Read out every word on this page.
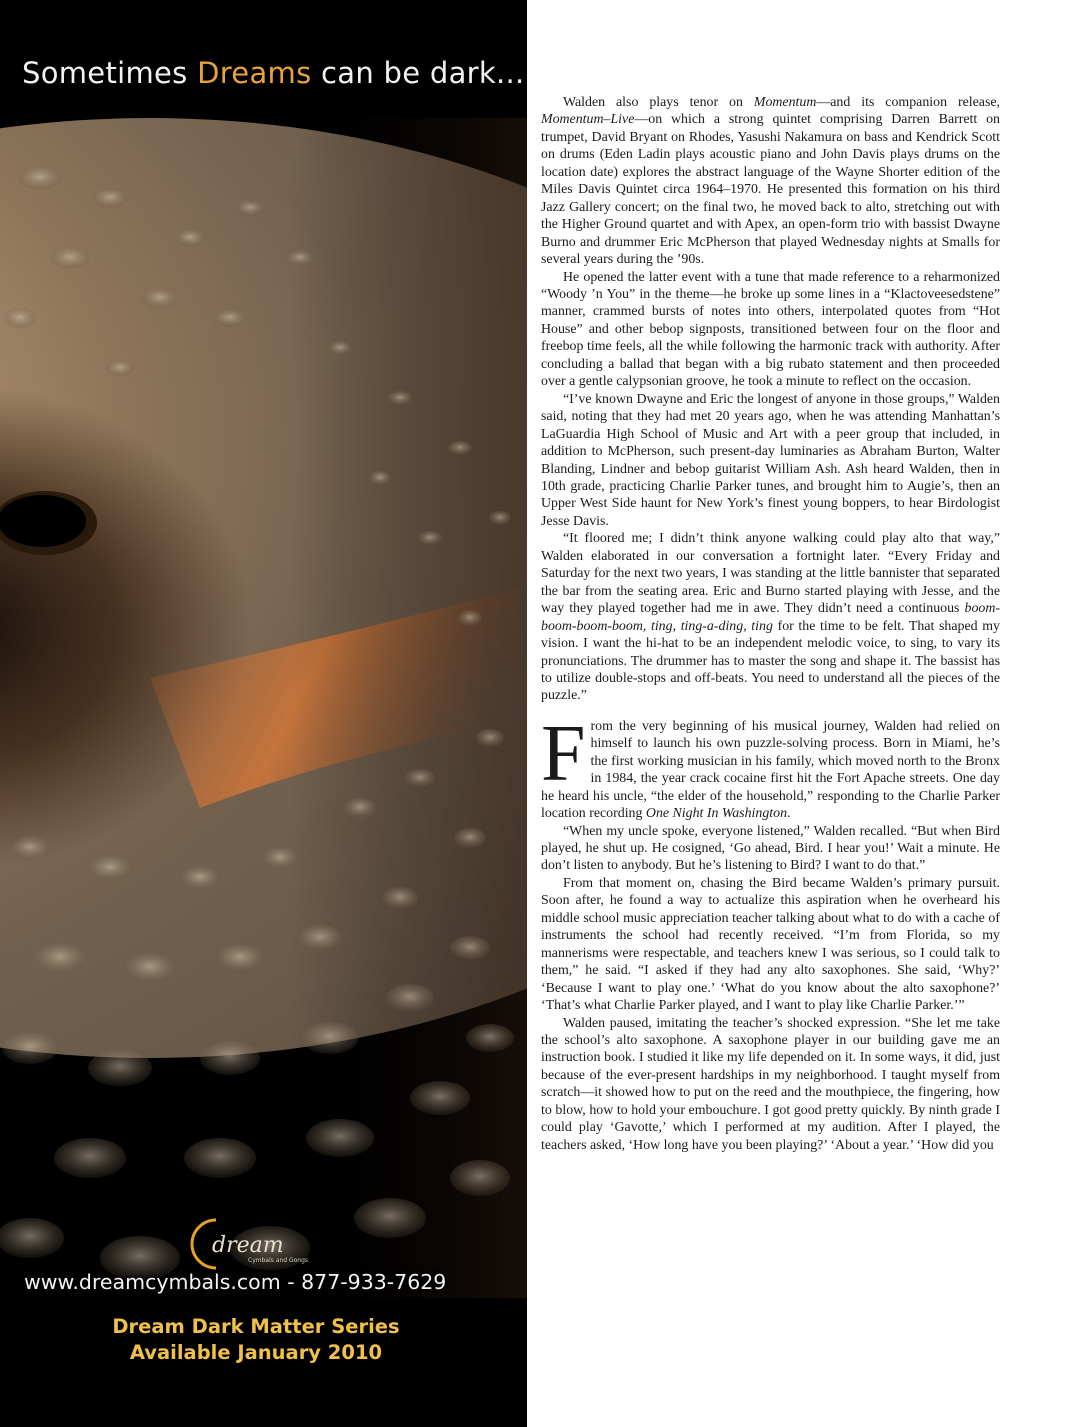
Sometimes Dreams can be dark...
dream

Cymbals and Gongs

www.dreamcymbals.com - 877-933-7629

Dream Dark Matter Series
Available January 2010

Walden also plays tenor on Momentum—and its companion release, Momentum–Live—on which a strong quintet comprising Darren Barrett on trumpet, David Bryant on Rhodes, Yasushi Nakamura on bass and Kendrick Scott on drums (Eden Ladin plays acoustic piano and John Davis plays drums on the location date) explores the abstract language of the Wayne Shorter edition of the Miles Davis Quintet circa 1964–1970. He presented this formation on his third Jazz Gallery concert; on the final two, he moved back to alto, stretching out with the Higher Ground quartet and with Apex, an open-form trio with bassist Dwayne Burno and drummer Eric McPherson that played Wednesday nights at Smalls for several years during the ’90s.

He opened the latter event with a tune that made reference to a reharmonized “Woody ’n You” in the theme—he broke up some lines in a “Klactoveesedstene” manner, crammed bursts of notes into others, interpolated quotes from “Hot House” and other bebop signposts, transitioned between four on the floor and freebop time feels, all the while following the harmonic track with authority. After concluding a ballad that began with a big rubato statement and then proceeded over a gentle calypsonian groove, he took a minute to reflect on the occasion.

“I’ve known Dwayne and Eric the longest of anyone in those groups,” Walden said, noting that they had met 20 years ago, when he was attending Manhattan’s LaGuardia High School of Music and Art with a peer group that included, in addition to McPherson, such present-day luminaries as Abraham Burton, Walter Blanding, Lindner and bebop guitarist William Ash. Ash heard Walden, then in 10th grade, practicing Charlie Parker tunes, and brought him to Augie’s, then an Upper West Side haunt for New York’s finest young boppers, to hear Birdologist Jesse Davis.

“It floored me; I didn’t think anyone walking could play alto that way,” Walden elaborated in our conversation a fortnight later. “Every Friday and Saturday for the next two years, I was standing at the little bannister that separated the bar from the seating area. Eric and Burno started playing with Jesse, and the way they played together had me in awe. They didn’t need a continuous boom-boom-boom-boom, ting, ting-a-ding, ting for the time to be felt. That shaped my vision. I want the hi-hat to be an independent melodic voice, to sing, to vary its pronunciations. The drummer has to master the song and shape it. The bassist has to utilize double-stops and off-beats. You need to understand all the pieces of the puzzle.”

From the very beginning of his musical journey, Walden had relied on himself to launch his own puzzle-solving process. Born in Miami, he’s the first working musician in his family, which moved north to the Bronx in 1984, the year crack cocaine first hit the Fort Apache streets. One day he heard his uncle, “the elder of the household,” responding to the Charlie Parker location recording One Night In Washington.

“When my uncle spoke, everyone listened,” Walden recalled. “But when Bird played, he shut up. He cosigned, ‘Go ahead, Bird. I hear you!’ Wait a minute. He don’t listen to anybody. But he’s listening to Bird? I want to do that.”

From that moment on, chasing the Bird became Walden’s primary pursuit. Soon after, he found a way to actualize this aspiration when he overheard his middle school music appreciation teacher talking about what to do with a cache of instruments the school had recently received. “I’m from Florida, so my mannerisms were respectable, and teachers knew I was serious, so I could talk to them,” he said. “I asked if they had any alto saxophones. She said, ‘Why?’ ‘Because I want to play one.’ ‘What do you know about the alto saxophone?’ ‘That’s what Charlie Parker played, and I want to play like Charlie Parker.’”

Walden paused, imitating the teacher’s shocked expression. “She let me take the school’s alto saxophone. A saxophone player in our building gave me an instruction book. I studied it like my life depended on it. In some ways, it did, just because of the ever-present hardships in my neighborhood. I taught myself from scratch—it showed how to put on the reed and the mouthpiece, the fingering, how to blow, how to hold your embouchure. I got good pretty quickly. By ninth grade I could play ‘Gavotte,’ which I performed at my audition. After I played, the teachers asked, ‘How long have you been playing?’ ‘About a year.’ ‘How did you
